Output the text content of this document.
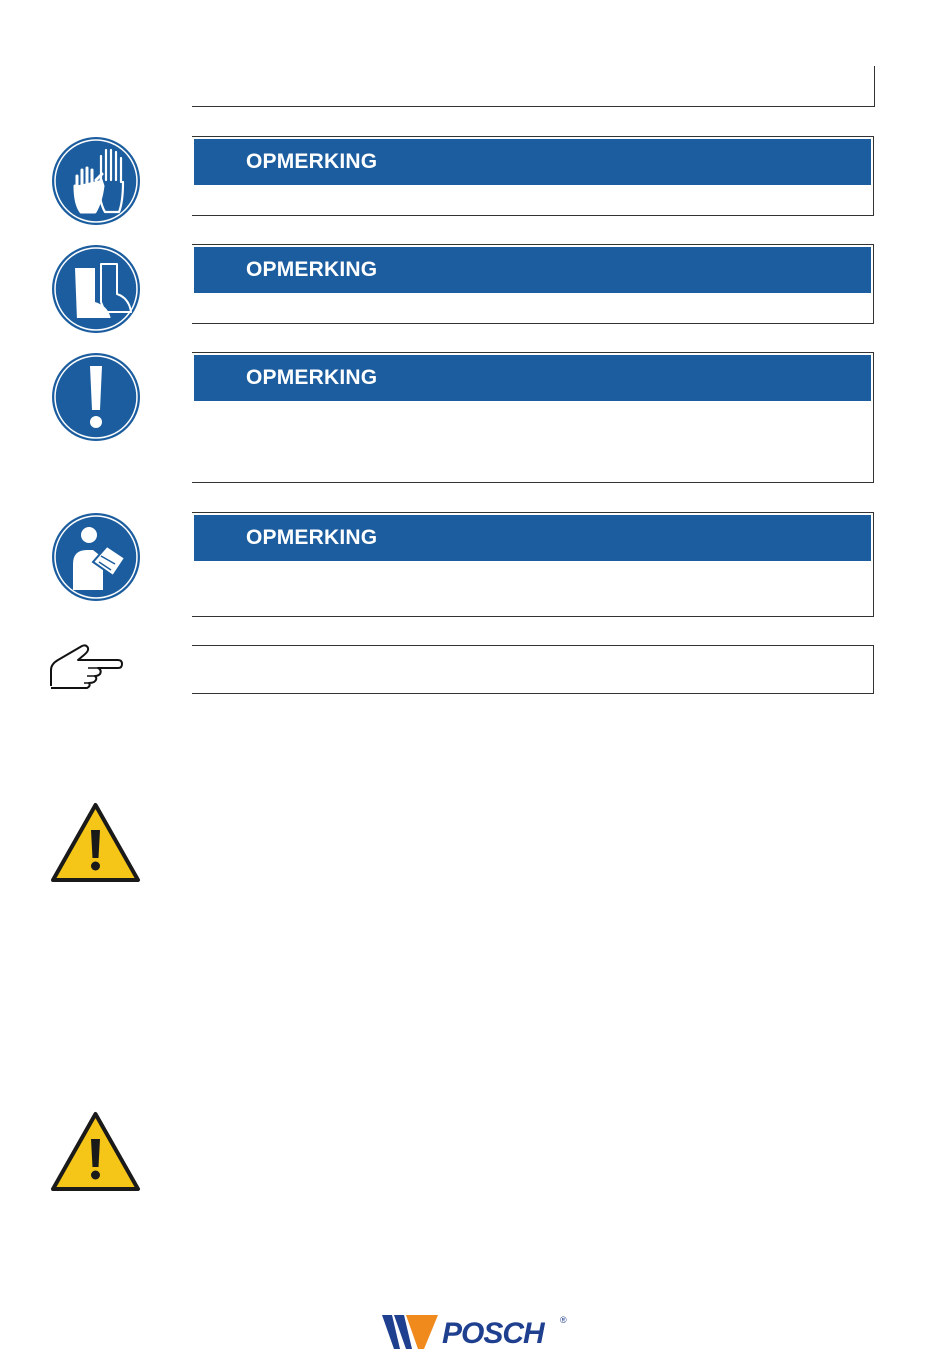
OPMERKING
OPMERKING
OPMERKING
OPMERKING
POSCH ®
